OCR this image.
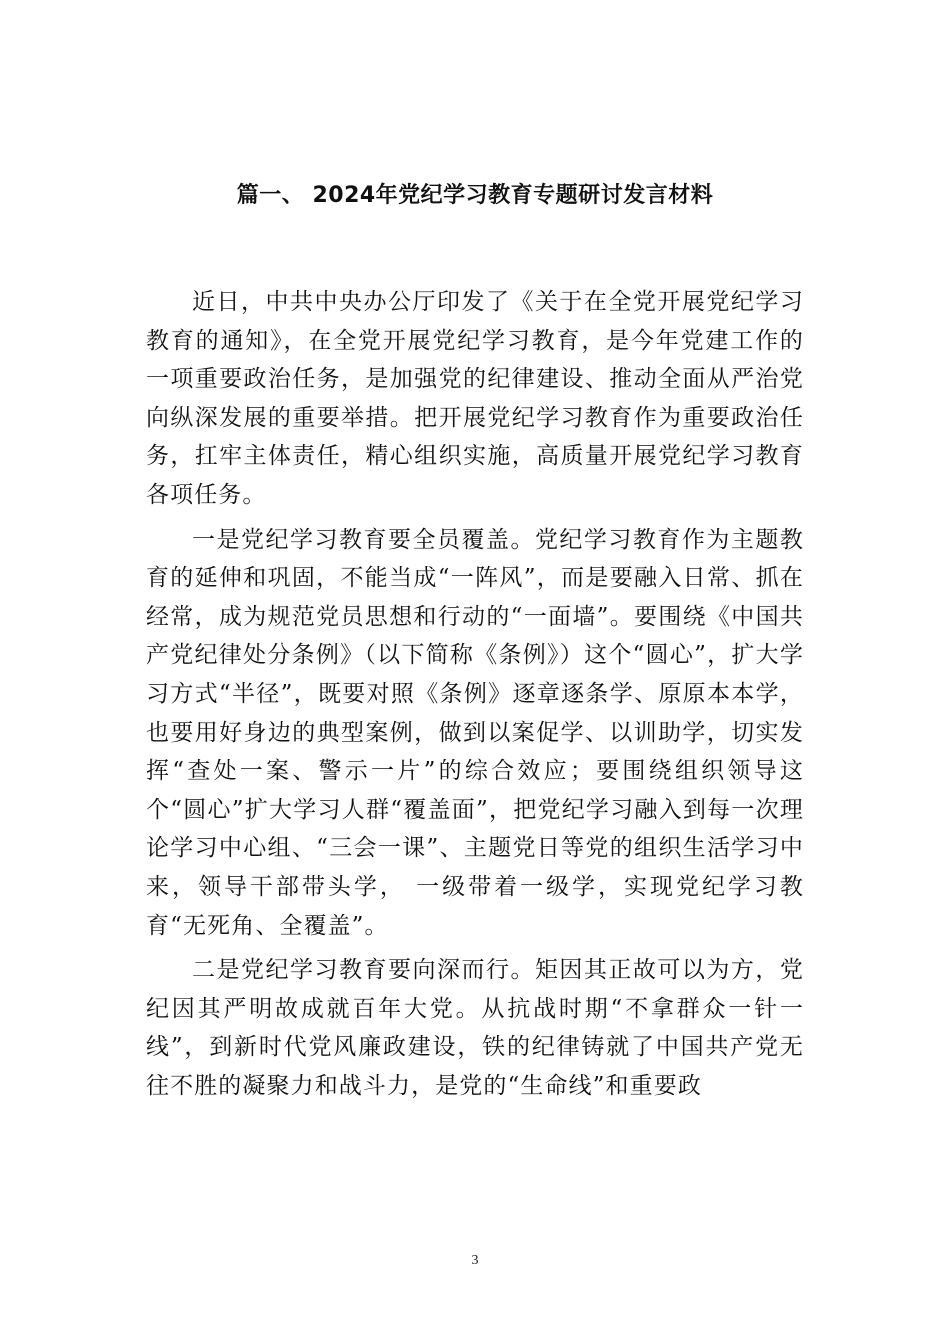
篇一、 2024年党纪学习教育专题研讨发言材料

近日，中共中央办公厅印发了《关于在全党开展党纪学习教育的通知》，在全党开展党纪学习教育，是今年党建工作的一项重要政治任务，是加强党的纪律建设、推动全面从严治党向纵深发展的重要举措。把开展党纪学习教育作为重要政治任务，扛牢主体责任，精心组织实施，高质量开展党纪学习教育各项任务。

一是党纪学习教育要全员覆盖。党纪学习教育作为主题教育的延伸和巩固，不能当成“一阵风”，而是要融入日常、抓在经常，成为规范党员思想和行动的“一面墙”。要围绕《中国共产党纪律处分条例》（以下简称《条例》）这个“圆心”，扩大学习方式“半径”，既要对照《条例》逐章逐条学、原原本本学，也要用好身边的典型案例，做到以案促学、以训助学，切实发挥“查处一案、警示一片”的综合效应；要围绕组织领导这个“圆心”扩大学习人群“覆盖面”，把党纪学习融入到每一次理论学习中心组、“三会一课”、主题党日等党的组织生活学习中来，领导干部带头学， 一级带着一级学，实现党纪学习教育“无死角、全覆盖”。

二是党纪学习教育要向深而行。矩因其正故可以为方，党纪因其严明故成就百年大党。从抗战时期“不拿群众一针一线”，到新时代党风廉政建设，铁的纪律铸就了中国共产党无往不胜的凝聚力和战斗力，是党的“生命线”和重要政

3
